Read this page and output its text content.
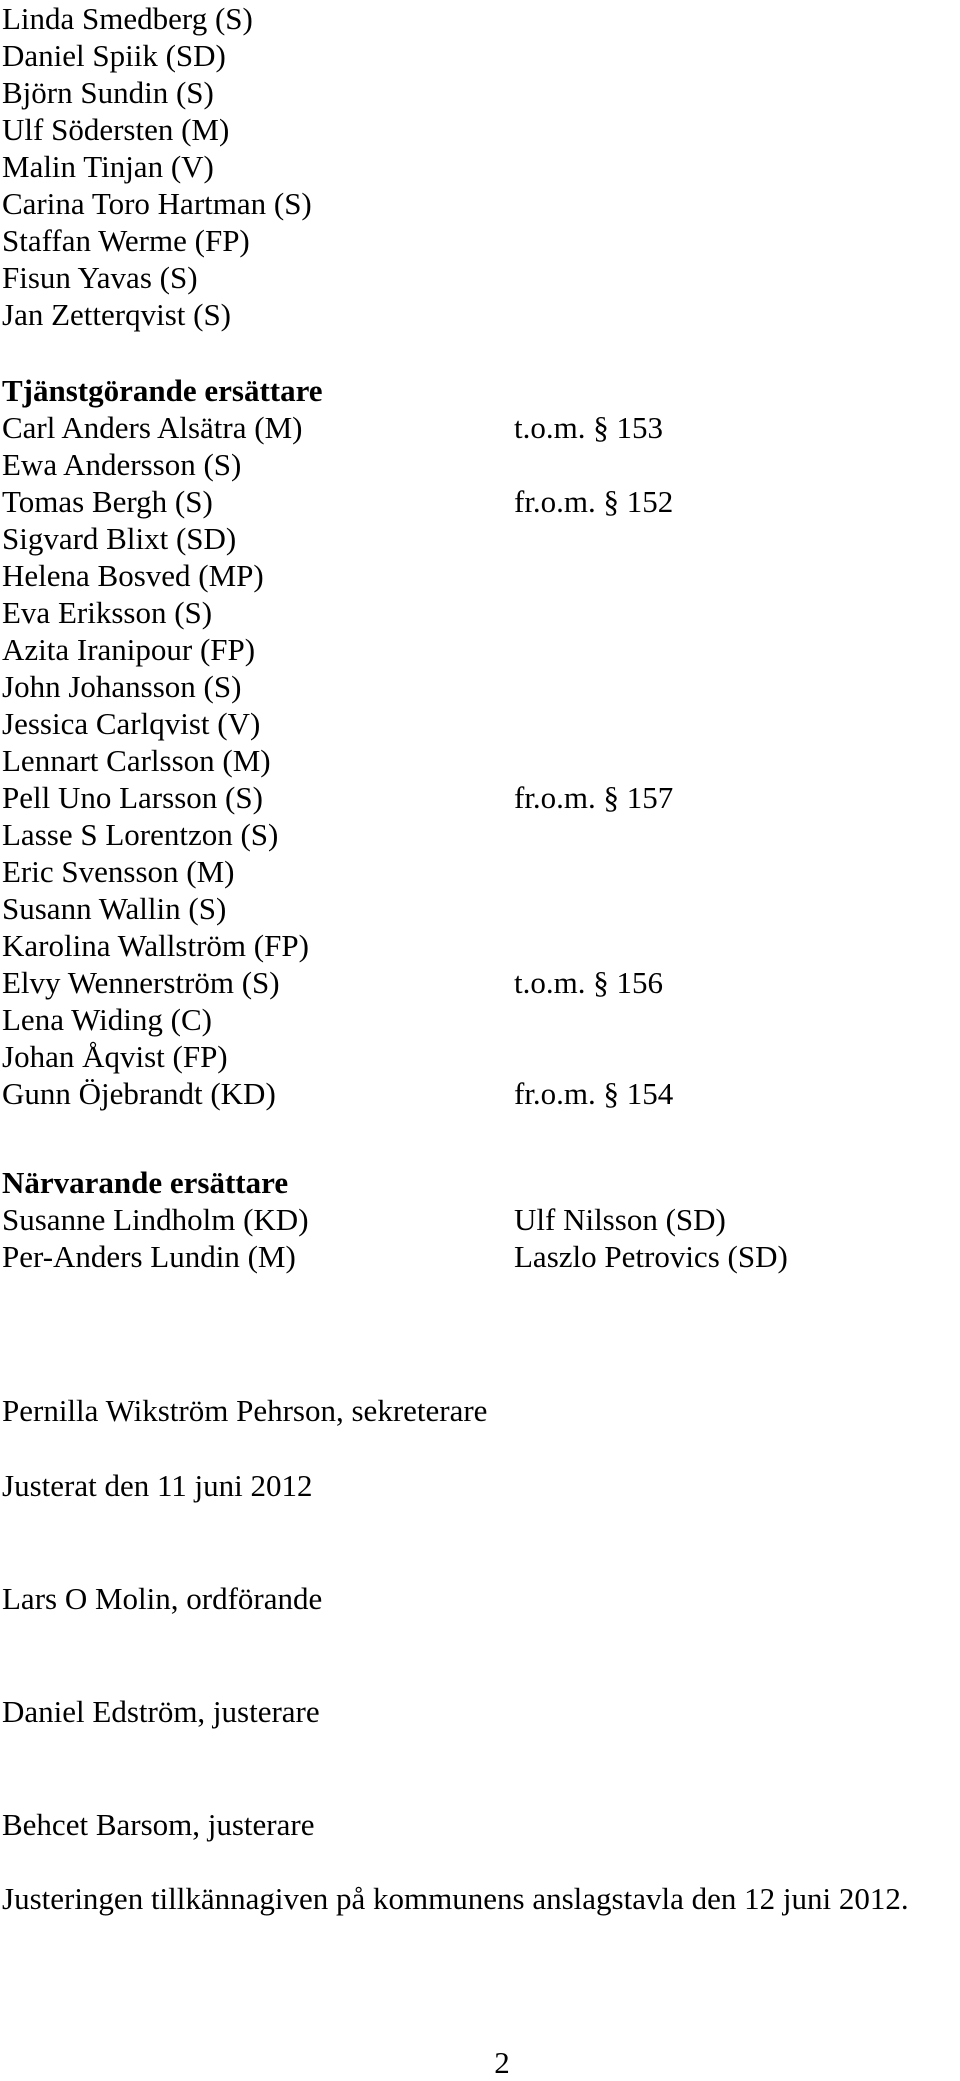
Linda Smedberg (S)
Daniel Spiik (SD)
Björn Sundin (S)
Ulf Södersten (M)
Malin Tinjan (V)
Carina Toro Hartman (S)
Staffan Werme (FP)
Fisun Yavas (S)
Jan Zetterqvist (S)
Tjänstgörande ersättare
Carl Anders Alsätra (M)	t.o.m. § 153
Ewa Andersson (S)
Tomas Bergh (S)	fr.o.m. § 152
Sigvard Blixt (SD)
Helena Bosved (MP)
Eva Eriksson (S)
Azita Iranipour (FP)
John Johansson (S)
Jessica Carlqvist (V)
Lennart Carlsson (M)
Pell Uno Larsson (S)	fr.o.m. § 157
Lasse S Lorentzon (S)
Eric Svensson (M)
Susann Wallin (S)
Karolina Wallström (FP)
Elvy Wennerström (S)	t.o.m. § 156
Lena Widing (C)
Johan Åqvist (FP)
Gunn Öjebrandt (KD)	fr.o.m. § 154
Närvarande ersättare
Susanne Lindholm (KD)	Ulf Nilsson (SD)
Per-Anders Lundin (M)	Laszlo Petrovics (SD)
Pernilla Wikström Pehrson, sekreterare
Justerat den 11 juni 2012
Lars O Molin, ordförande
Daniel Edström, justerare
Behcet Barsom, justerare
Justeringen tillkännagiven på kommunens anslagstavla den 12 juni 2012.
2
